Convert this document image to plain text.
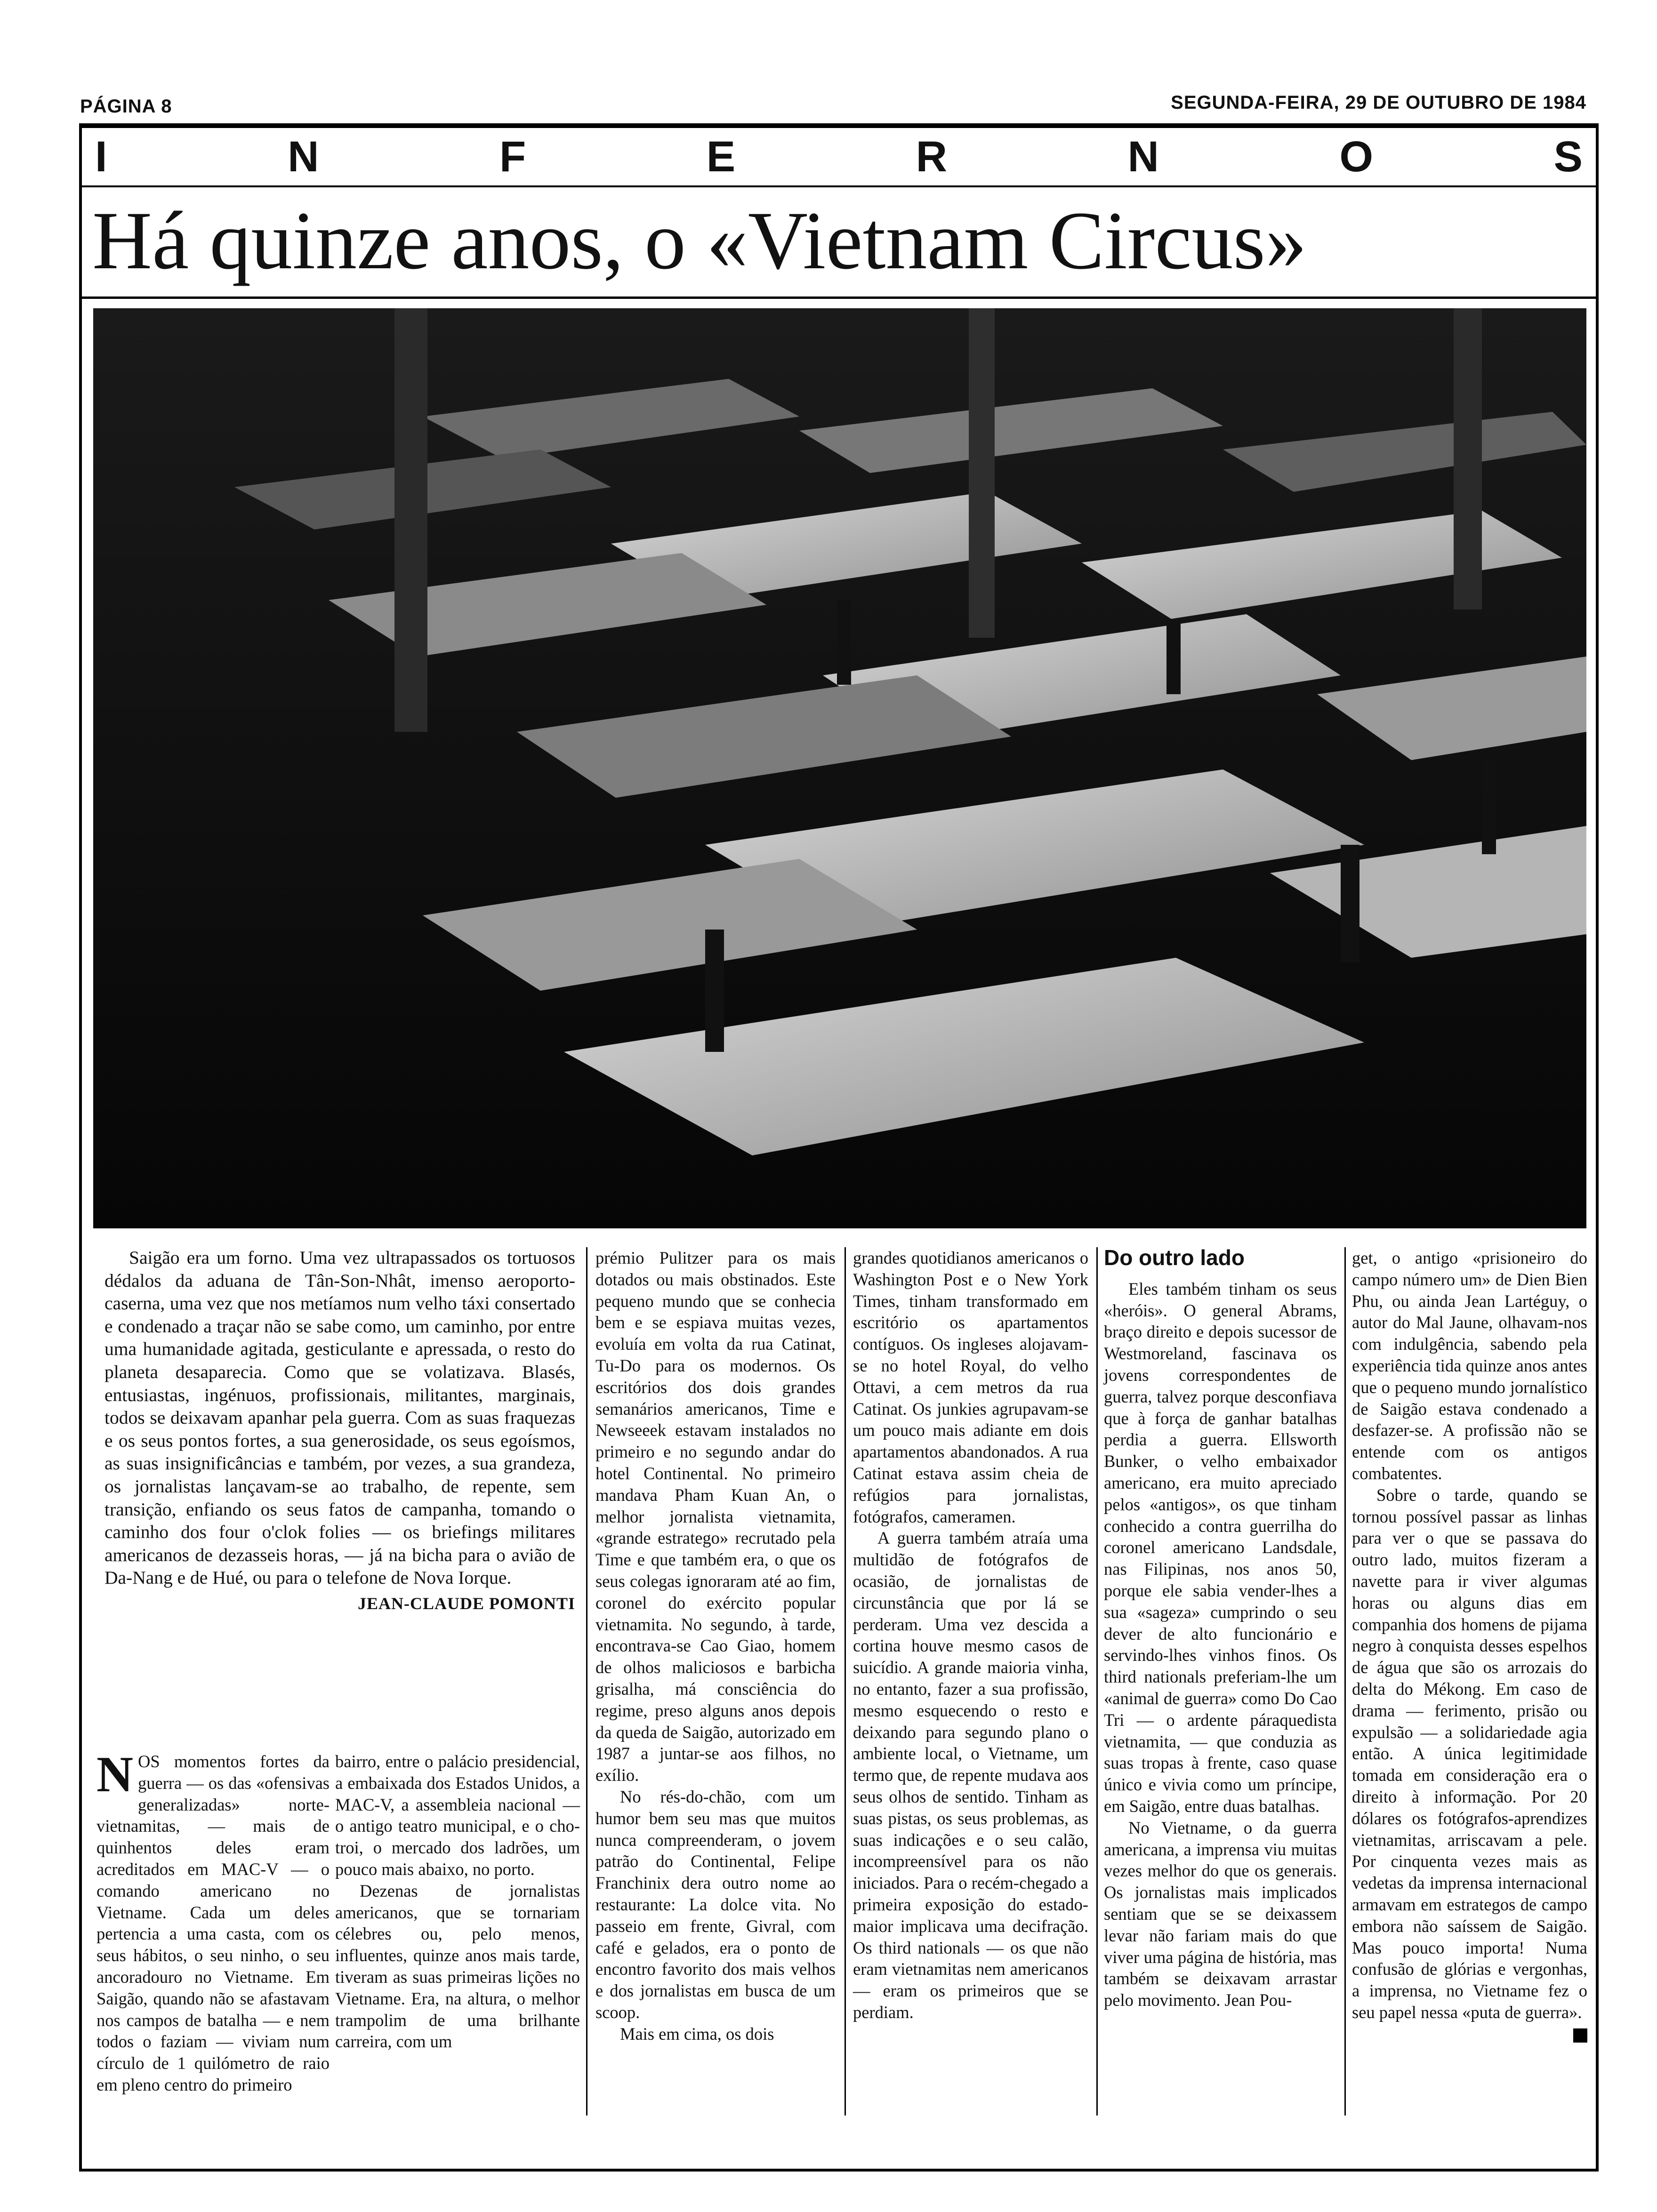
PÁGINA 8	SEGUNDA-FEIRA, 29 DE OUTUBRO DE 1984
I	N	F	E	R	N	O	S
Há quinze anos, o «Vietnam Circus»

Saigão era um forno. Uma vez ultrapassados os tortuosos dédalos da aduana de Tân-Son-Nhât, imenso aeroporto-caserna, uma vez que nos metíamos num velho táxi consertado e condenado a traçar não se sabe como, um caminho, por entre uma humanidade agitada, gesticulante e apressada, o resto do planeta desaparecia. Como que se volatizava. Blasés, entusiastas, ingénuos, profissionais, militantes, marginais, todos se deixavam apanhar pela guerra. Com as suas fraquezas e os seus pontos fortes, a sua generosidade, os seus egoísmos, as suas insignificâncias e também, por vezes, a sua grandeza, os jornalistas lançavam-se ao trabalho, de repente, sem transição, enfiando os seus fatos de campanha, tomando o caminho dos four o'clok folies — os briefings militares americanos de dezasseis horas, — já na bicha para o avião de Da-Nang e de Hué, ou para o telefone de Nova Iorque.

JEAN-CLAUDE POMONTI
N OS momentos fortes da guerra — os das «ofensivas generalizadas» norte-vietnamitas, — mais de quinhentos deles eram acreditados em MAC-V — o comando americano no Vietname. Cada um deles pertencia a uma casta, com os seus hábitos, o seu ninho, o seu ancoradouro no Vietname. Em Saigão, quando não se afastavam nos campos de batalha — e nem todos o faziam — viviam num círculo de 1 quilómetro de raio em pleno centro do primeiro

bairro, entre o palácio presidencial, a embaixada dos Estados Unidos, a MAC-V, a assembleia nacional — o antigo teatro municipal, e o cho-troi, o mercado dos ladrões, um pouco mais abaixo, no porto.

Dezenas de jornalistas americanos, que se tornariam célebres ou, pelo menos, influentes, quinze anos mais tarde, tiveram as suas primeiras lições no Vietname. Era, na altura, o melhor trampolim de uma brilhante carreira, com um

prémio Pulitzer para os mais dotados ou mais obstinados. Este pequeno mundo que se conhecia bem e se espiava muitas vezes, evoluía em volta da rua Catinat, Tu-Do para os modernos. Os escritórios dos dois grandes semanários americanos, Time e Newseeek estavam instalados no primeiro e no segundo andar do hotel Continental. No primeiro mandava Pham Kuan An, o melhor jornalista vietnamita, «grande estratego» recrutado pela Time e que também era, o que os seus colegas ignoraram até ao fim, coronel do exército popular vietnamita. No segundo, à tarde, encontrava-se Cao Giao, homem de olhos maliciosos e barbicha grisalha, má consciência do regime, preso alguns anos depois da queda de Saigão, autorizado em 1987 a juntar-se aos filhos, no exílio.

No rés-do-chão, com um humor bem seu mas que muitos nunca compreenderam, o jovem patrão do Continental, Felipe Franchinix dera outro nome ao restaurante: La dolce vita. No passeio em frente, Givral, com café e gelados, era o ponto de encontro favorito dos mais velhos e dos jornalistas em busca de um scoop.

Mais em cima, os dois

grandes quotidianos americanos o Washington Post e o New York Times, tinham transformado em escritório os apartamentos contíguos. Os ingleses alojavam-se no hotel Royal, do velho Ottavi, a cem metros da rua Catinat. Os junkies agrupavam-se um pouco mais adiante em dois apartamentos abandonados. A rua Catinat estava assim cheia de refúgios para jornalistas, fotógrafos, cameramen.

A guerra também atraía uma multidão de fotógrafos de ocasião, de jornalistas de circunstância que por lá se perderam. Uma vez descida a cortina houve mesmo casos de suicídio. A grande maioria vinha, no entanto, fazer a sua profissão, mesmo esquecendo o resto e deixando para segundo plano o ambiente local, o Vietname, um termo que, de repente mudava aos seus olhos de sentido. Tinham as suas pistas, os seus problemas, as suas indicações e o seu calão, incompreensível para os não iniciados. Para o recém-chegado a primeira exposição do estado-maior implicava uma decifração. Os third nationals — os que não eram vietnamitas nem americanos — eram os primeiros que se perdiam.

Do outro lado

Eles também tinham os seus «heróis». O general Abrams, braço direito e depois sucessor de Westmoreland, fascinava os jovens correspondentes de guerra, talvez porque desconfiava que à força de ganhar batalhas perdia a guerra. Ellsworth Bunker, o velho embaixador americano, era muito apreciado pelos «antigos», os que tinham conhecido a contra guerrilha do coronel americano Landsdale, nas Filipinas, nos anos 50, porque ele sabia vender-lhes a sua «sageza» cumprindo o seu dever de alto funcionário e servindo-lhes vinhos finos. Os third nationals preferiam-lhe um «animal de guerra» como Do Cao Tri — o ardente páraquedista vietnamita, — que conduzia as suas tropas à frente, caso quase único e vivia como um príncipe, em Saigão, entre duas batalhas.

No Vietname, o da guerra americana, a imprensa viu muitas vezes melhor do que os generais. Os jornalistas mais implicados sentiam que se se deixassem levar não fariam mais do que viver uma página de história, mas também se deixavam arrastar pelo movimento. Jean Pou-

get, o antigo «prisioneiro do campo número um» de Dien Bien Phu, ou ainda Jean Lartéguy, o autor do Mal Jaune, olhavam-nos com indulgência, sabendo pela experiência tida quinze anos antes que o pequeno mundo jornalístico de Saigão estava condenado a desfazer-se. A profissão não se entende com os antigos combatentes.

Sobre o tarde, quando se tornou possível passar as linhas para ver o que se passava do outro lado, muitos fizeram a navette para ir viver algumas horas ou alguns dias em companhia dos homens de pijama negro à conquista desses espelhos de água que são os arrozais do delta do Mékong. Em caso de drama — ferimento, prisão ou expulsão — a solidariedade agia então. A única legitimidade tomada em consideração era o direito à informação. Por 20 dólares os fotógrafos-aprendizes vietnamitas, arriscavam a pele. Por cinquenta vezes mais as vedetas da imprensa internacional armavam em estrategos de campo embora não saíssem de Saigão. Mas pouco importa! Numa confusão de glórias e vergonhas, a imprensa, no Vietname fez o seu papel nessa «puta de guerra».
